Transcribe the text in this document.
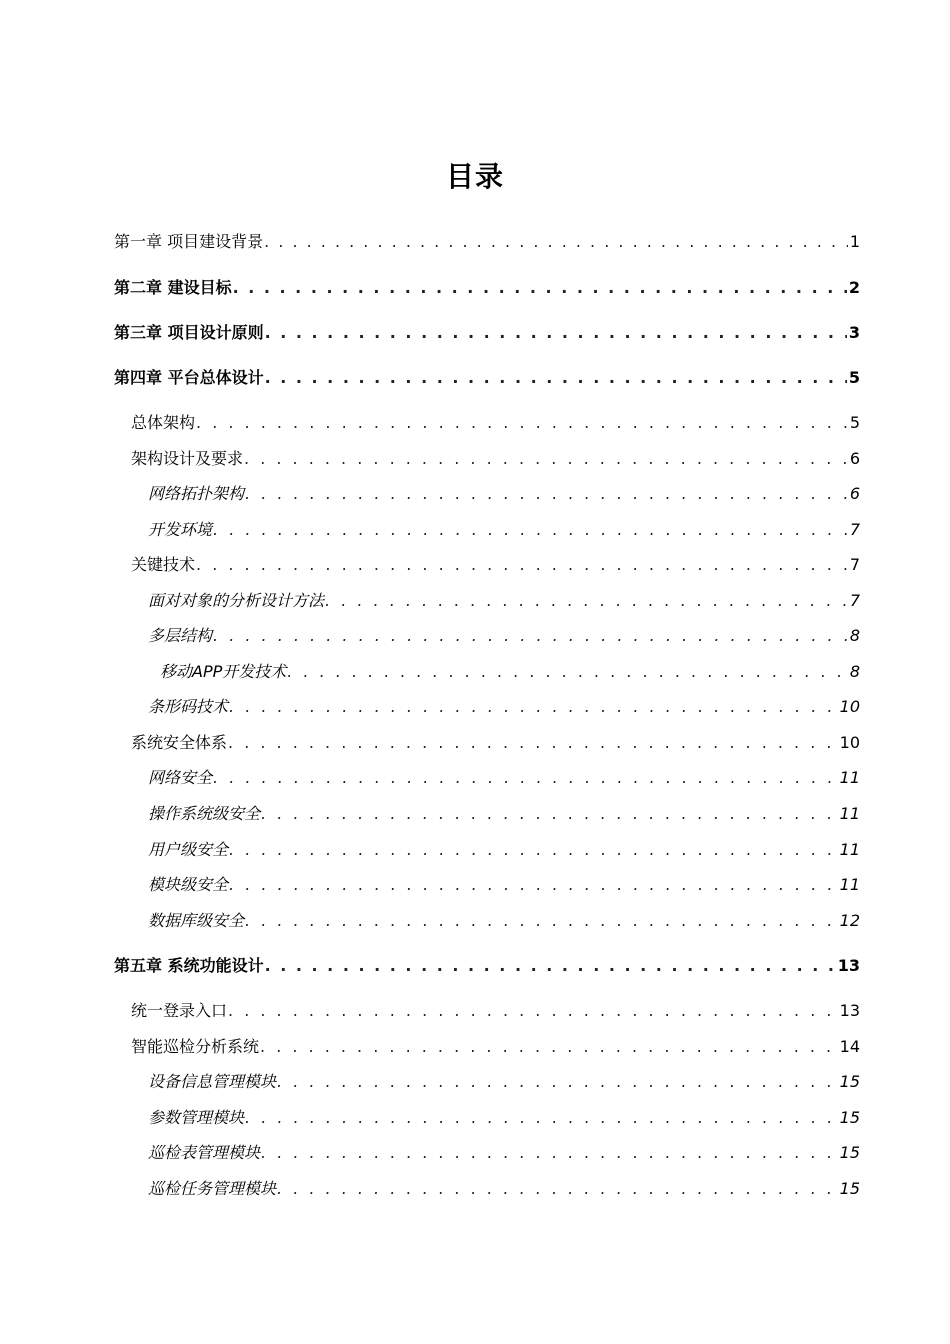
目录
第一章 项目建设背景 . . .	1
第二章 建设目标 . . .	2
第三章 项目设计原则 . . .	3
第四章 平台总体设计 . . .	5
总体架构 . . .	5
架构设计及要求 . . .	6
网络拓扑架构 . . .	6
开发环境 . . .	7
关键技术 . . .	7
面对对象的分析设计方法 . . .	7
多层结构 . . .	8
移动APP开发技术 . . .	8
条形码技术 . . .	10
系统安全体系 . . .	10
网络安全 . . .	11
操作系统级安全 . . .	11
用户级安全 . . .	11
模块级安全 . . .	11
数据库级安全 . . .	12
第五章 系统功能设计 . . .	13
统一登录入口 . . .	13
智能巡检分析系统 . . .	14
设备信息管理模块 . . .	15
参数管理模块 . . .	15
巡检表管理模块 . . .	15
巡检任务管理模块 . . .	15
